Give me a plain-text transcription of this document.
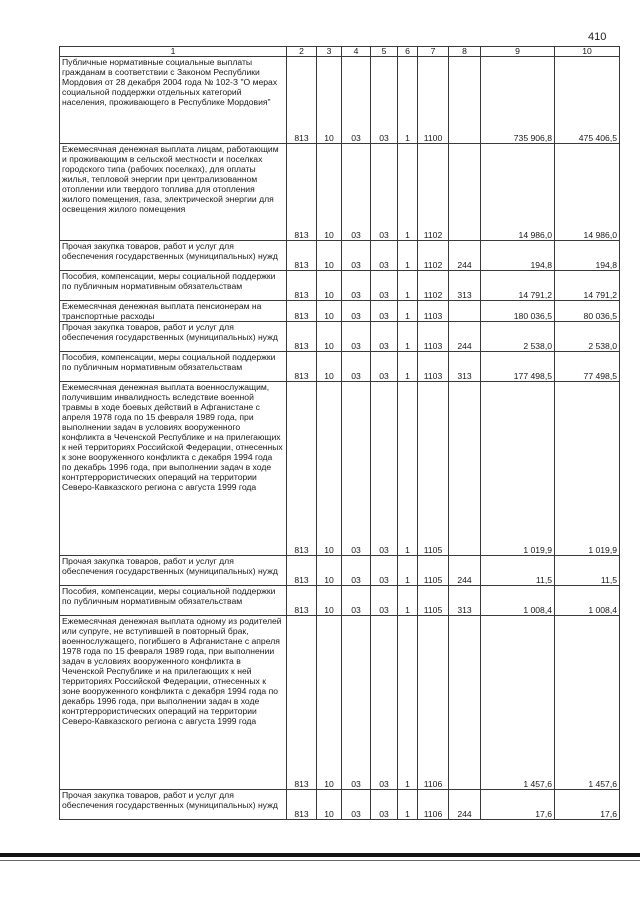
410
1	2	3	4	5	6	7	8	9	10
Публичные нормативные социальные выплаты гражданам в соответствии с Законом Республики Мордовия от 28 декабря 2004 года № 102-З "О мерах социальной поддержки отдельных категорий населения, проживающего в Республике Мордовия"	813	10	03	03	1	1100		735 906,8	475 406,5
Ежемесячная денежная выплата лицам, работающим и проживающим в сельской местности и поселках городского типа (рабочих поселках), для оплаты жилья, тепловой энергии при централизованном отоплении или твердого топлива для отопления жилого помещения, газа, электрической энергии для освещения жилого помещения	813	10	03	03	1	1102		14 986,0	14 986,0
Прочая закупка товаров, работ и услуг для обеспечения государственных (муниципальных) нужд	813	10	03	03	1	1102	244	194,8	194,8
Пособия, компенсации, меры социальной поддержки по публичным нормативным обязательствам	813	10	03	03	1	1102	313	14 791,2	14 791,2
Ежемесячная денежная выплата пенсионерам на транспортные расходы	813	10	03	03	1	1103		180 036,5	80 036,5
Прочая закупка товаров, работ и услуг для обеспечения государственных (муниципальных) нужд	813	10	03	03	1	1103	244	2 538,0	2 538,0
Пособия, компенсации, меры социальной поддержки по публичным нормативным обязательствам	813	10	03	03	1	1103	313	177 498,5	77 498,5
Ежемесячная денежная выплата военнослужащим, получившим инвалидность вследствие военной травмы в ходе боевых действий в Афганистане с апреля 1978 года по 15 февраля 1989 года, при выполнении задач в условиях вооруженного конфликта в Чеченской Республике и на прилегающих к ней территориях Российской Федерации, отнесенных к зоне вооруженного конфликта с декабря 1994 года по декабрь 1996 года, при выполнении задач в ходе контртеррористических операций на территории Северо-Кавказского региона с августа 1999 года	813	10	03	03	1	1105		1 019,9	1 019,9
Прочая закупка товаров, работ и услуг для обеспечения государственных (муниципальных) нужд	813	10	03	03	1	1105	244	11,5	11,5
Пособия, компенсации, меры социальной поддержки по публичным нормативным обязательствам	813	10	03	03	1	1105	313	1 008,4	1 008,4
Ежемесячная денежная выплата одному из родителей или супруге, не вступившей в повторный брак, военнослужащего, погибшего в Афганистане с апреля 1978 года по 15 февраля 1989 года, при выполнении задач в условиях вооруженного конфликта в Чеченской Республике и на прилегающих к ней территориях Российской Федерации, отнесенных к зоне вооруженного конфликта с декабря 1994 года по декабрь 1996 года, при выполнении задач в ходе контртеррористических операций на территории Северо-Кавказского региона с августа 1999 года	813	10	03	03	1	1106		1 457,6	1 457,6
Прочая закупка товаров, работ и услуг для обеспечения государственных (муниципальных) нужд	813	10	03	03	1	1106	244	17,6	17,6
